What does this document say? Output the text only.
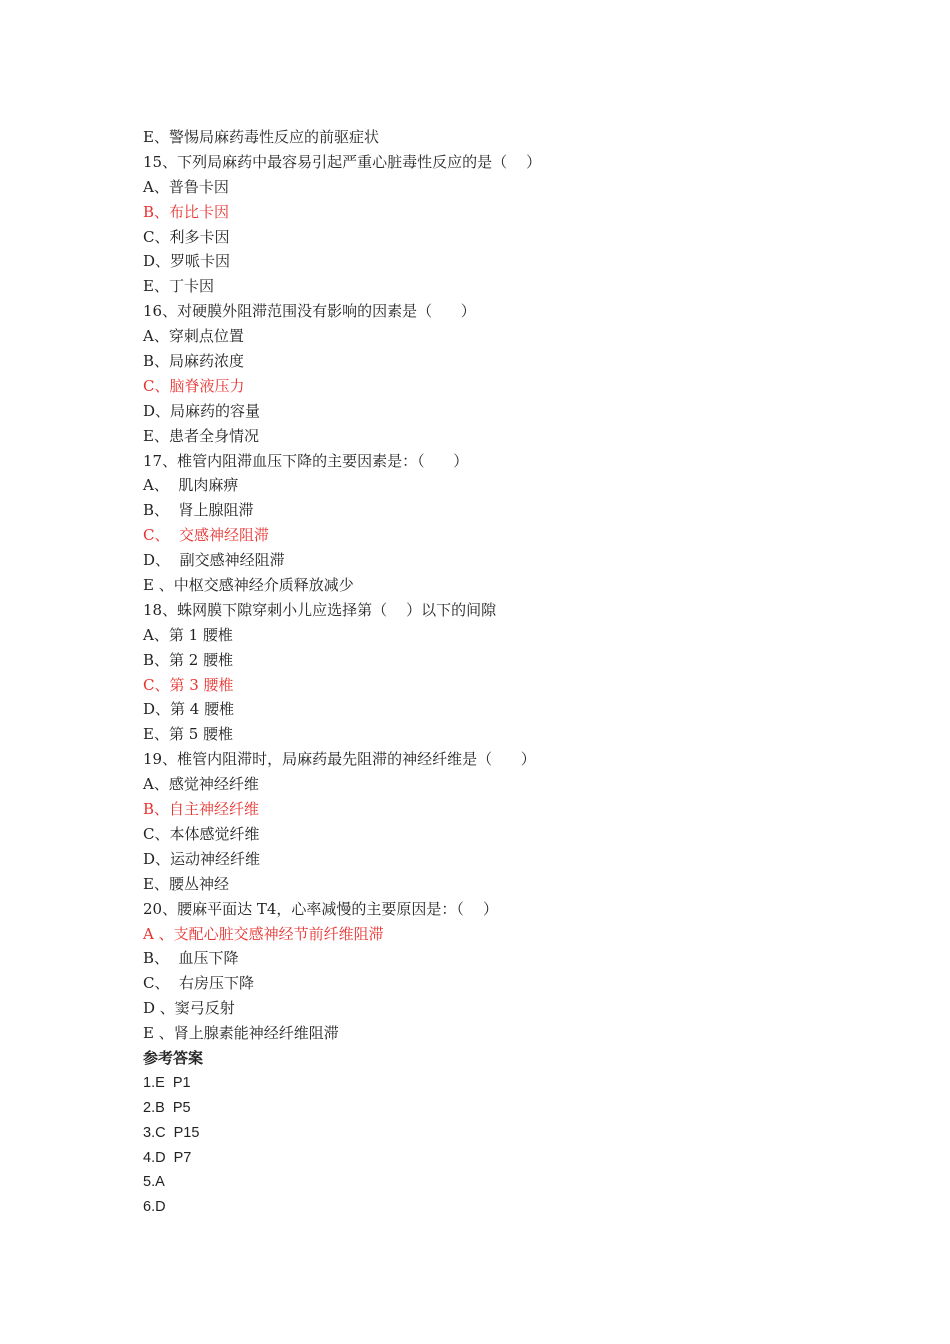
E、警惕局麻药毒性反应的前驱症状
15、下列局麻药中最容易引起严重心脏毒性反应的是（    ）
A、普鲁卡因
B、布比卡因
C、利多卡因
D、罗哌卡因
E、丁卡因
16、对硬膜外阻滞范围没有影响的因素是（      ）
A、穿刺点位置
B、局麻药浓度
C、脑脊液压力
D、局麻药的容量
E、患者全身情况
17、椎管内阻滞血压下降的主要因素是：（      ）
A、  肌肉麻痹
B、  肾上腺阻滞
C、  交感神经阻滞
D、  副交感神经阻滞
E 、中枢交感神经介质释放减少
18、蛛网膜下隙穿刺小儿应选择第（    ）以下的间隙
A、第 1 腰椎
B、第 2 腰椎
C、第 3 腰椎
D、第 4 腰椎
E、第 5 腰椎
19、椎管内阻滞时，局麻药最先阻滞的神经纤维是（      ）
A、感觉神经纤维
B、自主神经纤维
C、本体感觉纤维
D、运动神经纤维
E、腰丛神经
20、腰麻平面达 T4，心率减慢的主要原因是：（    ）
A 、支配心脏交感神经节前纤维阻滞
B、  血压下降
C、  右房压下降
D 、窦弓反射
E 、肾上腺素能神经纤维阻滞
参考答案
1.E  P1
2.B  P5
3.C  P15
4.D  P7
5.A
6.D
